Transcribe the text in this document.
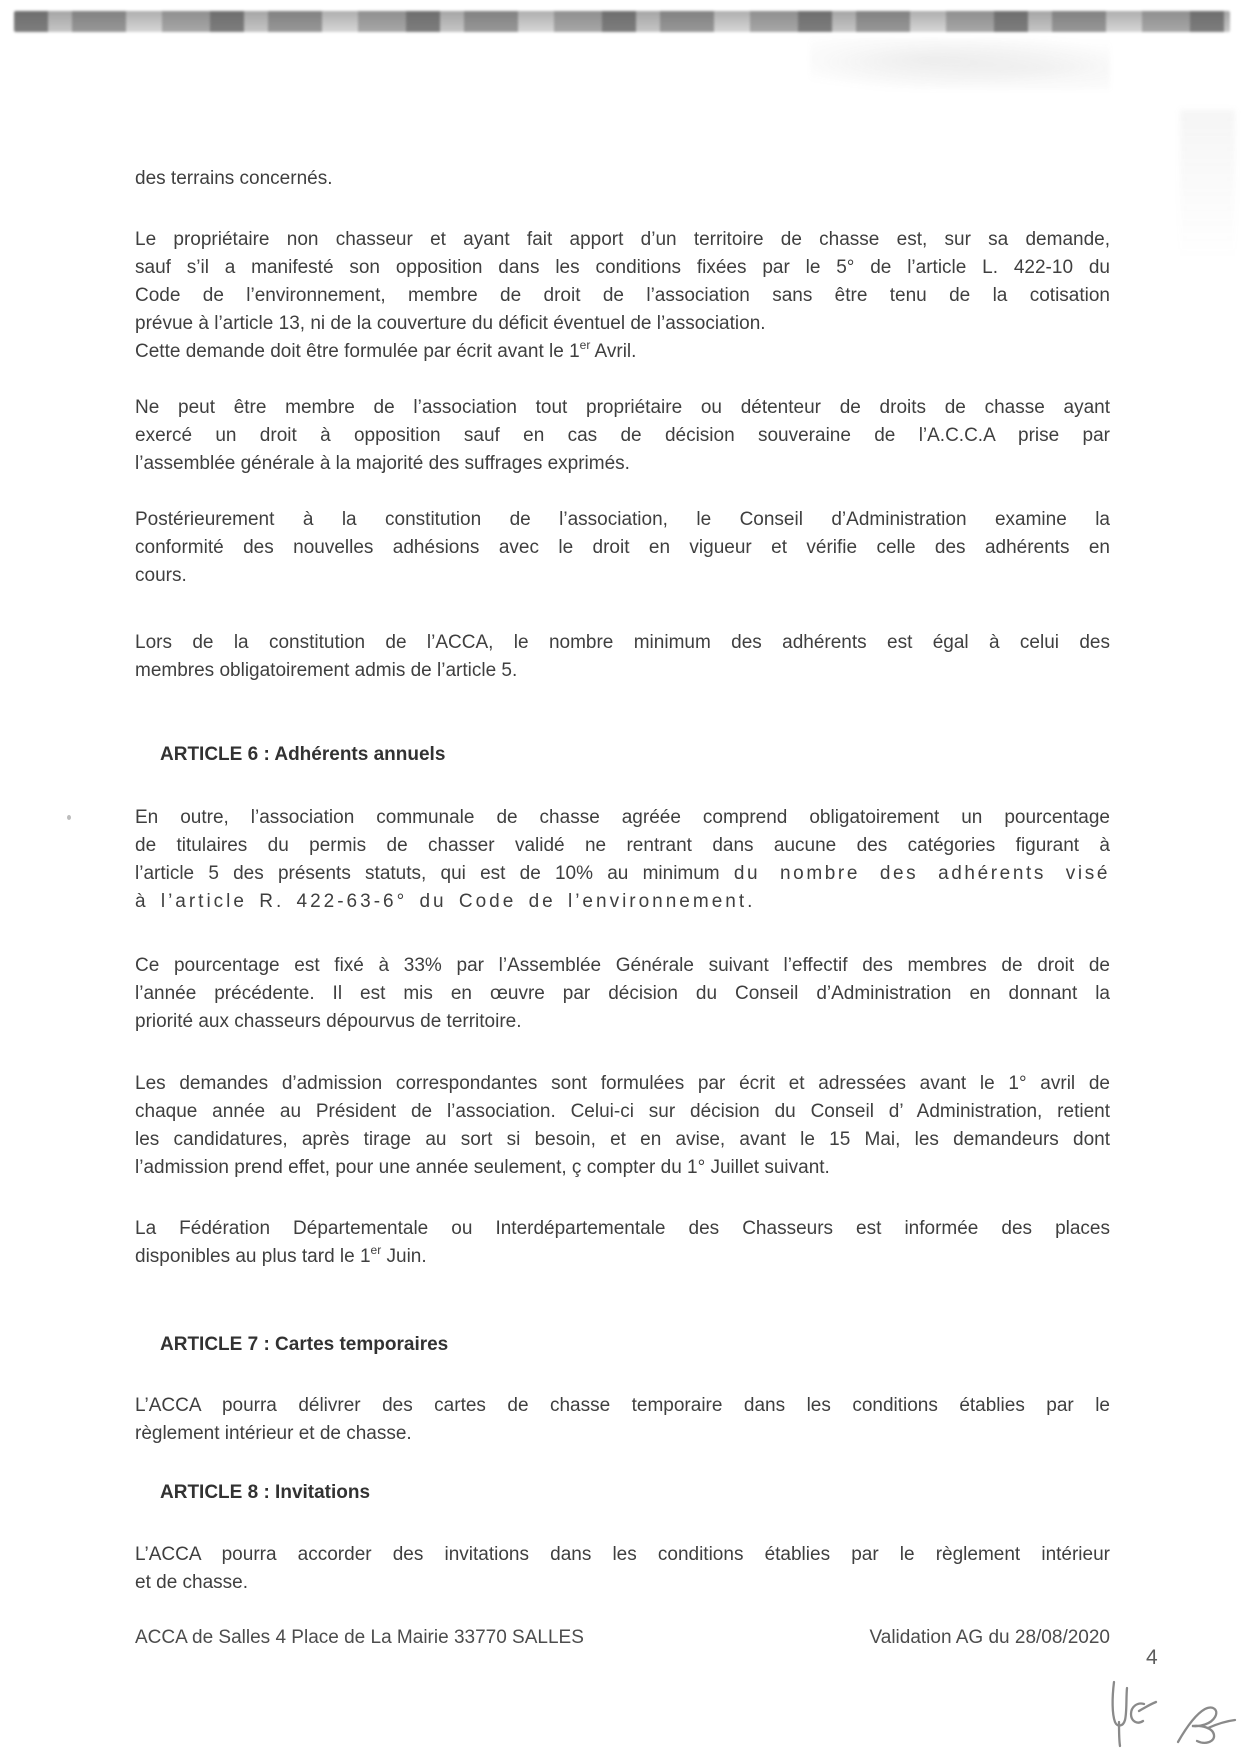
des terrains concernés.
Le propriétaire non chasseur et ayant fait apport d’un territoire de chasse est, sur sa demande,
sauf s’il a manifesté son opposition dans les conditions fixées par le 5° de l’article L. 422-10 du
Code de l’environnement, membre de droit de l’association sans être tenu de la cotisation
prévue à l’article 13, ni de la couverture du déficit éventuel de l’association.
Cette demande doit être formulée par écrit avant le 1er Avril.
Ne peut être membre de l’association tout propriétaire ou détenteur de droits de chasse ayant
exercé un droit à opposition sauf en cas de décision souveraine de l’A.C.C.A prise par
l’assemblée générale à la majorité des suffrages exprimés.
Postérieurement à la constitution de l’association, le Conseil d’Administration examine la
conformité des nouvelles adhésions avec le droit en vigueur et vérifie celle des adhérents en
cours.
Lors de la constitution de l’ACCA, le nombre minimum des adhérents est égal à celui des
membres obligatoirement admis de l’article 5.
ARTICLE 6 : Adhérents annuels
En outre, l’association communale de chasse agréée comprend obligatoirement un pourcentage
de titulaires du permis de chasser validé ne rentrant dans aucune des catégories figurant à
l’article 5 des présents statuts, qui est de 10% au minimum du nombre des adhérents visé
à l’article R. 422-63-6° du Code de l’environnement.
Ce pourcentage est fixé à 33% par l’Assemblée Générale suivant l’effectif des membres de droit de
l’année précédente. Il est mis en œuvre par décision du Conseil d’Administration en donnant la
priorité aux chasseurs dépourvus de territoire.
Les demandes d’admission correspondantes sont formulées par écrit et adressées avant le 1° avril de
chaque année au Président de l’association. Celui-ci sur décision du Conseil d’ Administration, retient
les candidatures, après tirage au sort si besoin, et en avise, avant le 15 Mai, les demandeurs dont
l’admission prend effet, pour une année seulement, ç compter du 1° Juillet suivant.
La Fédération Départementale ou Interdépartementale des Chasseurs est informée des places
disponibles au plus tard le 1er Juin.
ARTICLE 7 : Cartes temporaires
L’ACCA pourra délivrer des cartes de chasse temporaire dans les conditions établies par le
règlement intérieur et de chasse.
ARTICLE 8 : Invitations
L’ACCA pourra accorder des invitations dans les conditions établies par le règlement intérieur
et de chasse.
ACCA de Salles 4 Place de La Mairie 33770 SALLES	Validation AG du 28/08/2020
4
